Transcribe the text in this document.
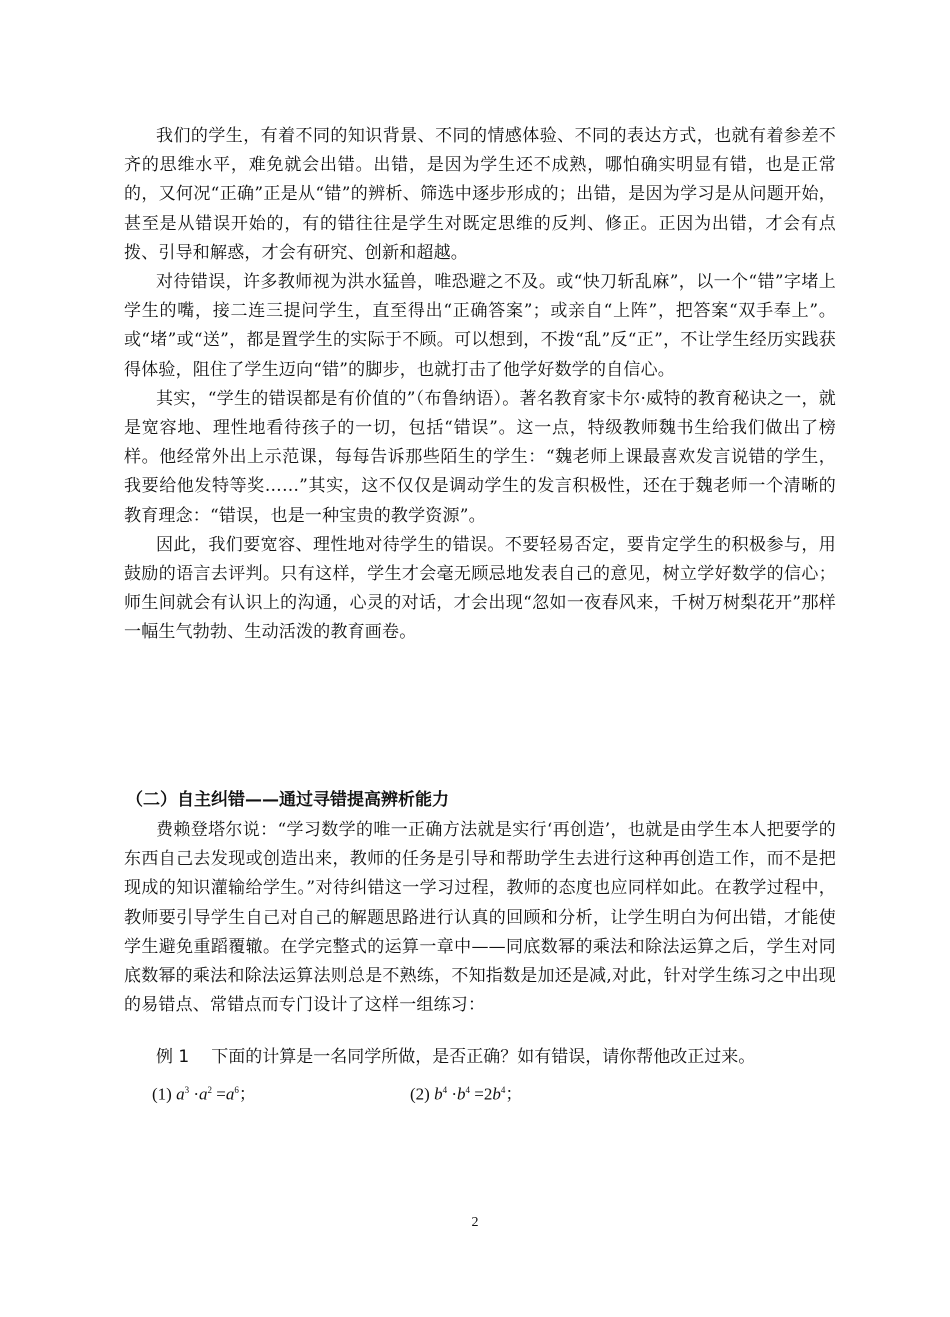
我们的学生，有着不同的知识背景、不同的情感体验、不同的表达方式，也就有着参差不齐的思维水平，难免就会出错。出错，是因为学生还不成熟，哪怕确实明显有错，也是正常的，又何况“正确”正是从“错”的辨析、筛选中逐步形成的；出错，是因为学习是从问题开始，甚至是从错误开始的，有的错往往是学生对既定思维的反判、修正。正因为出错，才会有点拨、引导和解惑，才会有研究、创新和超越。

对待错误，许多教师视为洪水猛兽，唯恐避之不及。或“快刀斩乱麻”，以一个“错”字堵上学生的嘴，接二连三提问学生，直至得出“正确答案”；或亲自“上阵”，把答案“双手奉上”。或“堵”或“送”，都是置学生的实际于不顾。可以想到，不拨“乱”反“正”，不让学生经历实践获得体验，阻住了学生迈向“错”的脚步，也就打击了他学好数学的自信心。

其实，“学生的错误都是有价值的”（布鲁纳语）。著名教育家卡尔·威特的教育秘诀之一，就是宽容地、理性地看待孩子的一切，包括“错误”。这一点，特级教师魏书生给我们做出了榜样。他经常外出上示范课，每每告诉那些陌生的学生：“魏老师上课最喜欢发言说错的学生，我要给他发特等奖……”其实，这不仅仅是调动学生的发言积极性，还在于魏老师一个清晰的教育理念：“错误，也是一种宝贵的教学资源”。

因此，我们要宽容、理性地对待学生的错误。不要轻易否定，要肯定学生的积极参与，用鼓励的语言去评判。只有这样，学生才会毫无顾忌地发表自己的意见，树立学好数学的信心；师生间就会有认识上的沟通，心灵的对话，才会出现“忽如一夜春风来，千树万树梨花开”那样一幅生气勃勃、生动活泼的教育画卷。

（二）自主纠错——通过寻错提高辨析能力

费赖登塔尔说：“学习数学的唯一正确方法就是实行‘再创造’，也就是由学生本人把要学的东西自己去发现或创造出来，教师的任务是引导和帮助学生去进行这种再创造工作，而不是把现成的知识灌输给学生。”对待纠错这一学习过程，教师的态度也应同样如此。在教学过程中，教师要引导学生自己对自己的解题思路进行认真的回顾和分析，让学生明白为何出错，才能使学生避免重蹈覆辙。在学完整式的运算一章中——同底数幂的乘法和除法运算之后，学生对同底数幂的乘法和除法运算法则总是不熟练，不知指数是加还是减,对此，针对学生练习之中出现的易错点、常错点而专门设计了这样一组练习：

例 1 下面的计算是一名同学所做，是否正确？如有错误，请你帮他改正过来。
(1) $a^3 \cdot a^2 =a^6$；	(2) $b^4 \cdot b^4 =2b^4$；
2
